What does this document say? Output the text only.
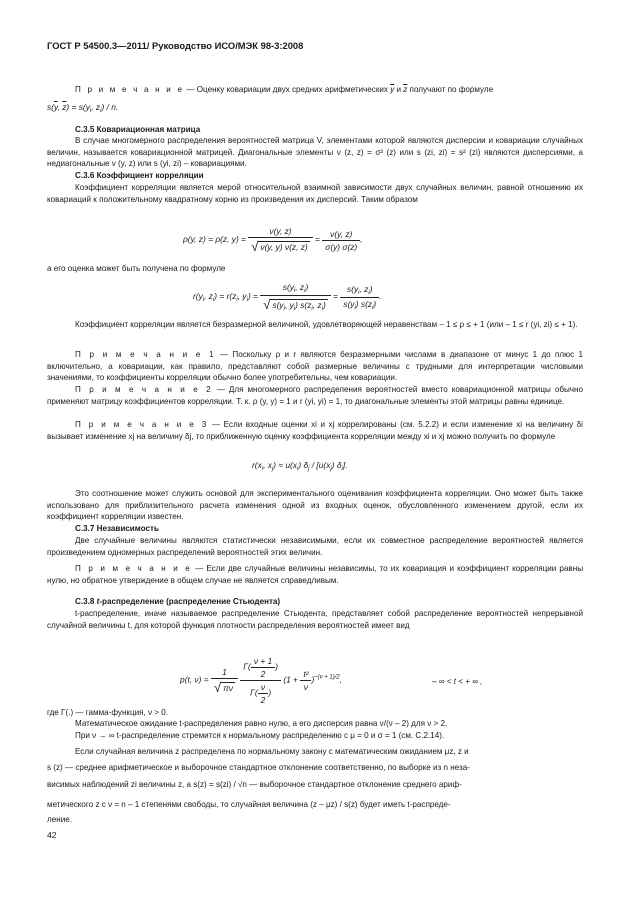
ГОСТ Р 54500.3—2011/ Руководство ИСО/МЭК 98-3:2008
П р и м е ч а н и е — Оценку ковариации двух средних арифметических $\overline{y}$ и $\overline{z}$ получают по формуле
$s(\overline{y}$, $\overline{z}) = s(y_i$, $z_i$) / n.
С.3.5 Ковариационная матрица
В случае многомерного распределения вероятностей матрица V, элементами которой являются дисперсии и ковариации случайных величин, называется ковариационной матрицей. Диагональные элементы ν (z, z) = σ² (z) или s (zi, zi) = s² (zi) являются дисперсиями, а недиагональные ν (y, z) или s (yi, zi) – ковариациями.
С.3.6 Коэффициент корреляции
Коэффициент корреляции является мерой относительной взаимной зависимости двух случайных величин, равной отношению их ковариаций к положительному квадратному корню из произведения их дисперсий. Таким образом
ρ(y, z) = ρ(z, $y) = \frac{\nu(y, z)}{√ \nu(y, y) \nu(z, z)} = \frac{\nu(y, z)}{\sigma(y) \sigma(z)}$ ,
а его оценка может быть получена по формуле
$r(y_i$, $z_i) = r(z_i$, $y_i) = \frac{s(y_i, z_i)}{√ s(y_i, y_i) s(z_i, z_i)} = \frac{s(y_i, z_i)}{s(y_i) s(z_i)}$ .
Коэффициент корреляции является безразмерной величиной, удовлетворяющей неравенствам – 1 ≤ ρ ≤ + 1 (или – 1 ≤ r (yi, zi) ≤ + 1).
П р и м е ч а н и е 1 — Поскольку ρ и r являются безразмерными числами в диапазоне от минус 1 до плюс 1 включительно, а ковариации, как правило, представляют собой размерные величины с трудными для интерпретации числовыми значениями, то коэффициенты корреляции обычно более употребительны, чем ковариации.
П р и м е ч а н и е 2 — Для многомерного распределения вероятностей вместо ковариационной матрицы обычно применяют матрицу коэффициентов корреляции. Т. к. ρ (y, y) = 1 и r (yi, yi) = 1, то диагональные элементы этой матрицы равны единице.
П р и м е ч а н и е 3 — Если входные оценки xi и xj коррелированы (см. 5.2.2) и если изменение xi на величину δi вызывает изменение xj на величину δj, то приближенную оценку коэффициента корреляции между xi и xj можно получить по формуле
$r(x_i$, $x_j) \approx u(x_i)$ $\delta_j / [u(x_j)$ $\delta_i$].
Это соотношение может служить основой для экспериментального оценивания коэффициента корреляции. Оно может быть также использовано для приблизительного расчета изменения одной из входных оценок, обусловленного изменением другой, если их коэффициент корреляции известен.
С.3.7 Независимость
Две случайные величины являются статистически независимыми, если их совместное распределение вероятностей является произведением одномерных распределений вероятностей этих величин.
П р и м е ч а н и е — Если две случайные величины независимы, то их ковариация и коэффициент корреляции равны нулю, но обратное утверждение в общем случае не является справедливым.
С.3.8 t-распределение (распределение Стьюдента)
t-распределение, иначе называемое распределение Стьюдента, представляет собой распределение вероятностей непрерывной случайной величины t, для которой функция плотности распределения вероятностей имеет вид
p(t, $\nu) = \frac{1}{√ \pi\nu}$
$\frac{\Gamma( \frac{\nu + 1}{2} )}{\Gamma( \frac{\nu}{2} )} (1 + \frac{\text{t²}}{\nu} )^{-(\nu + 1)/2}$,	– ∞ < t < + ∞ ,
где Γ(.) — гамма-функция, ν > 0.
Математическое ожидание t-распределения равно нулю, а его дисперсия равна ν/(ν – 2) для ν > 2.
При ν → ∞ t-распределение стремится к нормальному распределению с μ = 0 и σ = 1 (см. С.2.14).
Если случайная величина z распределена по нормальному закону с математическим ожиданием μz, z и
s (z) — среднее арифметическое и выборочное стандартное отклонение соответственно, по выборке из n неза-
висимых наблюдений zi величины z, а s(z) = s(zi) / √n — выборочное стандартное отклонение среднего ариф-
метического z с ν = n – 1 степенями свободы, то случайная величина (z – μz) / s(z) будет иметь t-распреде-
ление.
42
